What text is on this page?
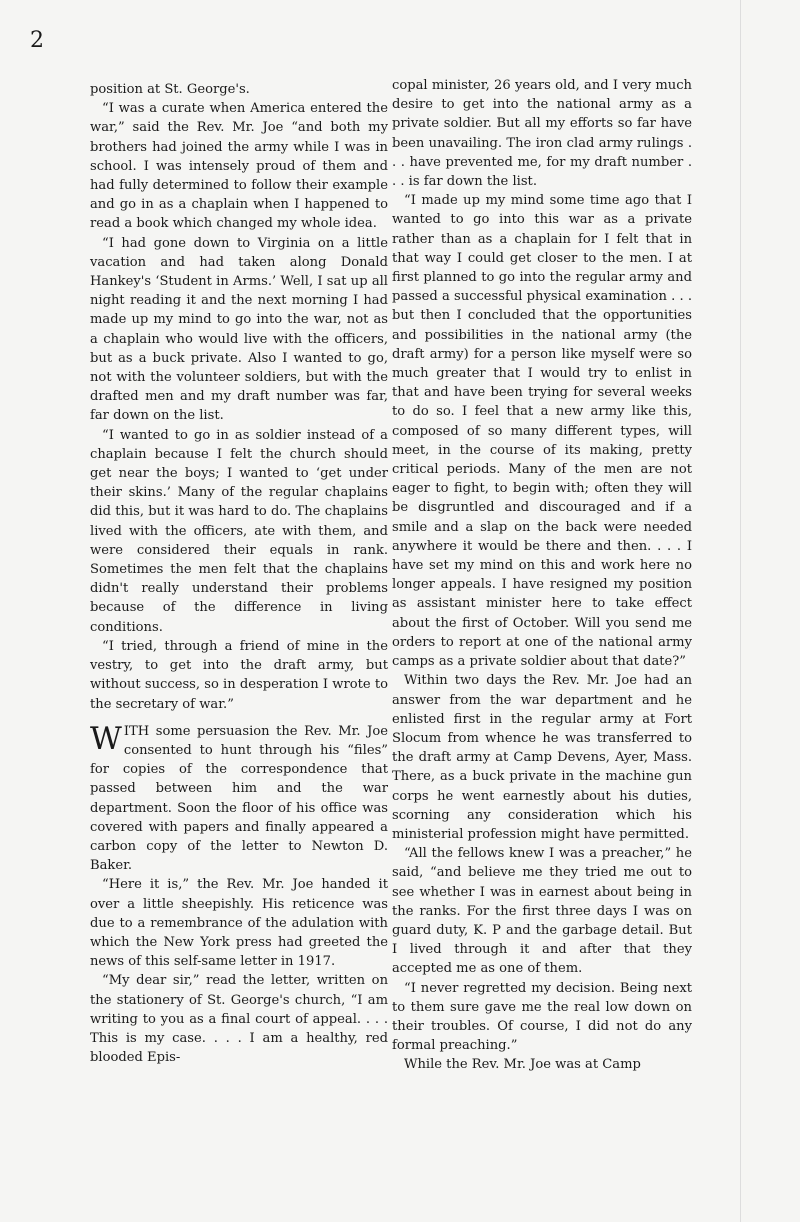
2

position at St. George's.

“I was a curate when America entered the war,” said the Rev. Mr. Joe “and both my brothers had joined the army while I was in school. I was intensely proud of them and had fully determined to follow their example and go in as a chaplain when I happened to read a book which changed my whole idea.

“I had gone down to Virginia on a little vacation and had taken along Donald Hankey's ‘Student in Arms.’ Well, I sat up all night reading it and the next morning I had made up my mind to go into the war, not as a chaplain who would live with the officers, but as a buck private. Also I wanted to go, not with the volunteer soldiers, but with the drafted men and my draft number was far, far down on the list.

“I wanted to go in as soldier instead of a chaplain because I felt the church should get near the boys; I wanted to ‘get under their skins.’ Many of the regular chaplains did this, but it was hard to do. The chaplains lived with the officers, ate with them, and were considered their equals in rank. Sometimes the men felt that the chaplains didn't really understand their problems because of the difference in living conditions.

“I tried, through a friend of mine in the vestry, to get into the draft army, but without success, so in desperation I wrote to the secretary of war.”

WITH some persuasion the Rev. Mr. Joe consented to hunt through his “files” for copies of the correspondence that passed between him and the war department. Soon the floor of his office was covered with papers and finally appeared a carbon copy of the letter to Newton D. Baker.

“Here it is,” the Rev. Mr. Joe handed it over a little sheepishly. His reticence was due to a remembrance of the adulation with which the New York press had greeted the news of this self-same letter in 1917.

“My dear sir,” read the letter, written on the stationery of St. George's church, “I am writing to you as a final court of appeal. . . . This is my case. . . . I am a healthy, red blooded Epis-

copal minister, 26 years old, and I very much desire to get into the national army as a private soldier. But all my efforts so far have been unavailing. The iron clad army rulings . . . have prevented me, for my draft number . . . is far down the list.

“I made up my mind some time ago that I wanted to go into this war as a private rather than as a chaplain for I felt that in that way I could get closer to the men. I at first planned to go into the regular army and passed a successful physical examination . . . but then I concluded that the opportunities and possibilities in the national army (the draft army) for a person like myself were so much greater that I would try to enlist in that and have been trying for several weeks to do so. I feel that a new army like this, composed of so many different types, will meet, in the course of its making, pretty critical periods. Many of the men are not eager to fight, to begin with; often they will be disgruntled and discouraged and if a smile and a slap on the back were needed anywhere it would be there and then. . . . I have set my mind on this and work here no longer appeals. I have resigned my position as assistant minister here to take effect about the first of October. Will you send me orders to report at one of the national army camps as a private soldier about that date?”

Within two days the Rev. Mr. Joe had an answer from the war department and he enlisted first in the regular army at Fort Slocum from whence he was transferred to the draft army at Camp Devens, Ayer, Mass. There, as a buck private in the machine gun corps he went earnestly about his duties, scorning any consideration which his ministerial profession might have permitted.

“All the fellows knew I was a preacher,” he said, “and believe me they tried me out to see whether I was in earnest about being in the ranks. For the first three days I was on guard duty, K. P and the garbage detail. But I lived through it and after that they accepted me as one of them.

“I never regretted my decision. Being next to them sure gave me the real low down on their troubles. Of course, I did not do any formal preaching.”

While the Rev. Mr. Joe was at Camp
